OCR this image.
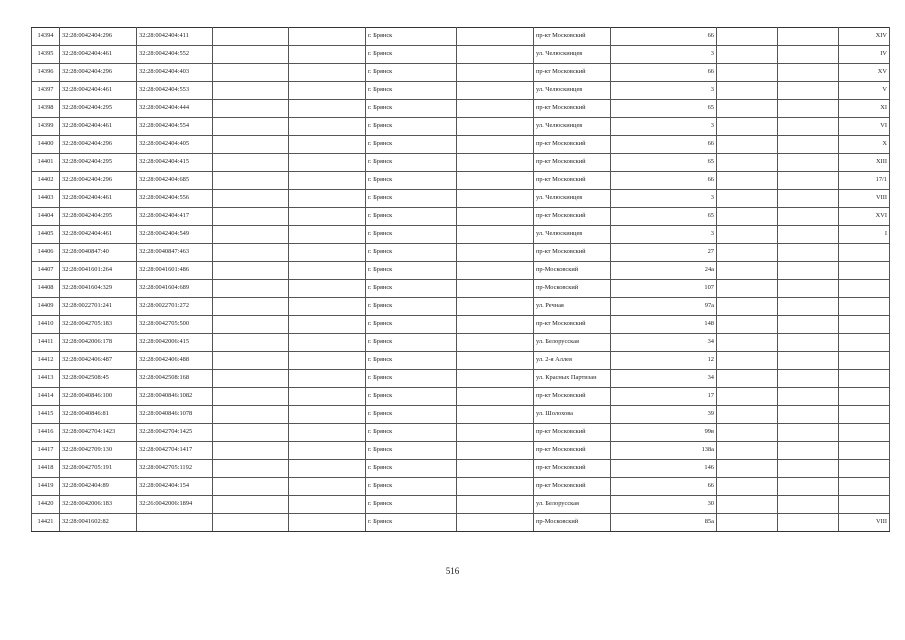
14394	32:28:0042404:296	32:28:0042404:411			г. Брянск		пр-кт Московский	66			XIV
14395	32:28:0042404:461	32:28:0042404:552			г. Брянск		ул. Челюскинцев	3			IV
14396	32:28:0042404:296	32:28:0042404:403			г. Брянск		пр-кт Московский	66			XV
14397	32:28:0042404:461	32:28:0042404:553			г. Брянск		ул. Челюскинцев	3			V
14398	32:28:0042404:295	32:28:0042404:444			г. Брянск		пр-кт Московский	65			XI
14399	32:28:0042404:461	32:28:0042404:554			г. Брянск		ул. Челюскинцев	3			VI
14400	32:28:0042404:296	32:28:0042404:405			г. Брянск		пр-кт Московский	66			X
14401	32:28:0042404:295	32:28:0042404:415			г. Брянск		пр-кт Московский	65			XIII
14402	32:28:0042404:296	32:28:0042404:685			г. Брянск		пр-кт Московский	66			17/1
14403	32:28:0042404:461	32:28:0042404:556			г. Брянск		ул. Челюскинцев	3			VIII
14404	32:28:0042404:295	32:28:0042404:417			г. Брянск		пр-кт Московский	65			XVI
14405	32:28:0042404:461	32:28:0042404:549			г. Брянск		ул. Челюскинцев	3			I
14406	32:28:0040847:40	32:28:0040847:463			г. Брянск		пр-кт Московский	27			
14407	32:28:0041601:264	32:28:0041601:486			г. Брянск		пр-Московский	24а			
14408	32:28:0041604:329	32:28:0041604:689			г. Брянск		пр-Московский	107			
14409	32:28:0022701:241	32:28:0022701:272			г. Брянск		ул. Речная	97а			
14410	32:28:0042705:183	32:28:0042705:500			г. Брянск		пр-кт Московский	148			
14411	32:28:0042006:178	32:28:0042006:415			г. Брянск		ул. Белорусская	34			
14412	32:28:0042406:487	32:28:0042406:488			г. Брянск		ул. 2-я Аллея	12			
14413	32:28:0042508:45	32:28:0042508:168			г. Брянск		ул. Красных Партизан	34			
14414	32:28:0040846:100	32:28:0040846:1082			г. Брянск		пр-кт Московский	17			
14415	32:28:0040846:81	32:28:0040846:1078			г. Брянск		ул. Шолохова	39			
14416	32:28:0042704:1423	32:28:0042704:1425			г. Брянск		пр-кт Московский	99в			
14417	32:28:0042709:130	32:28:0042704:1417			г. Брянск		пр-кт Московский	138а			
14418	32:28:0042705:191	32:28:0042705:1192			г. Брянск		пр-кт Московский	146			
14419	32:28:0042404:89	32:28:0042404:154			г. Брянск		пр-кт Московский	66			
14420	32:28:0042006:183	32:26:0042006:1894			г. Брянск		ул. Белорусская	30			
14421	32:28:0041602:82				г. Брянск		пр-Московский	85а			VIII
516
